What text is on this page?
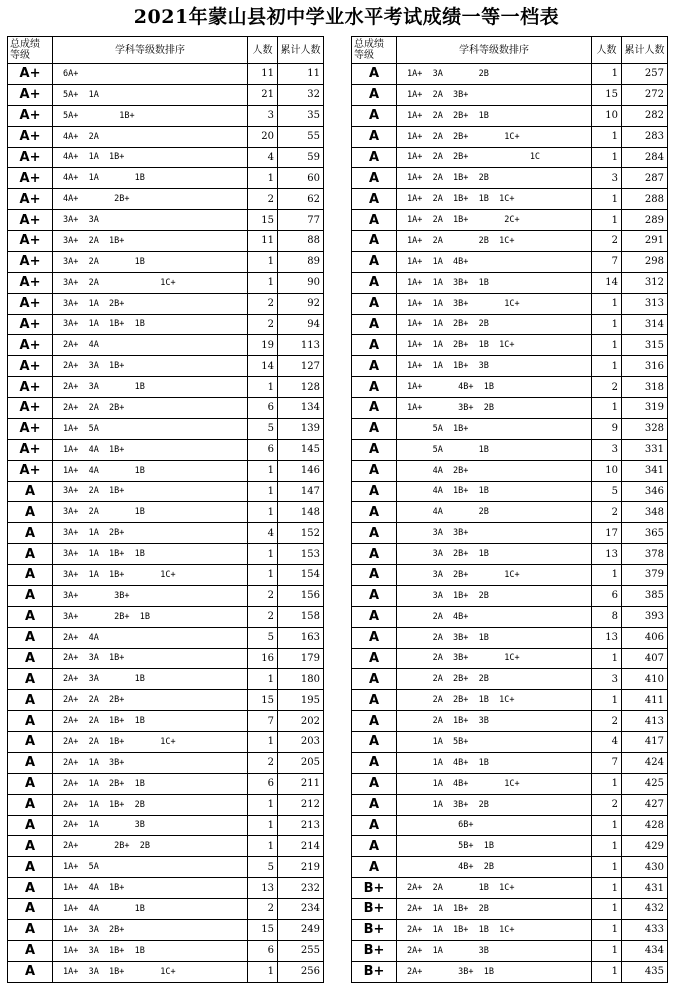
2021年蒙山县初中学业水平考试成绩一等一档表
总成绩
等级	学科等级数排序	人数	累计人数
A+	6A+	11	11
A+	5A+  1A	21	32
A+	5A+        1B+	3	35
A+	4A+  2A	20	55
A+	4A+  1A  1B+	4	59
A+	4A+  1A       1B	1	60
A+	4A+       2B+	2	62
A+	3A+  3A	15	77
A+	3A+  2A  1B+	11	88
A+	3A+  2A       1B	1	89
A+	3A+  2A            1C+	1	90
A+	3A+  1A  2B+	2	92
A+	3A+  1A  1B+  1B	2	94
A+	2A+  4A	19	113
A+	2A+  3A  1B+	14	127
A+	2A+  3A       1B	1	128
A+	2A+  2A  2B+	6	134
A+	1A+  5A	5	139
A+	1A+  4A  1B+	6	145
A+	1A+  4A       1B	1	146
A	3A+  2A  1B+	1	147
A	3A+  2A       1B	1	148
A	3A+  1A  2B+	4	152
A	3A+  1A  1B+  1B	1	153
A	3A+  1A  1B+       1C+	1	154
A	3A+       3B+	2	156
A	3A+       2B+  1B	2	158
A	2A+  4A	5	163
A	2A+  3A  1B+	16	179
A	2A+  3A       1B	1	180
A	2A+  2A  2B+	15	195
A	2A+  2A  1B+  1B	7	202
A	2A+  2A  1B+       1C+	1	203
A	2A+  1A  3B+	2	205
A	2A+  1A  2B+  1B	6	211
A	2A+  1A  1B+  2B	1	212
A	2A+  1A       3B	1	213
A	2A+       2B+  2B	1	214
A	1A+  5A	5	219
A	1A+  4A  1B+	13	232
A	1A+  4A       1B	2	234
A	1A+  3A  2B+	15	249
A	1A+  3A  1B+  1B	6	255
A	1A+  3A  1B+       1C+	1	256
总成绩
等级	学科等级数排序	人数	累计人数
A	1A+  3A       2B	1	257
A	1A+  2A  3B+	15	272
A	1A+  2A  2B+  1B	10	282
A	1A+  2A  2B+       1C+	1	283
A	1A+  2A  2B+            1C	1	284
A	1A+  2A  1B+  2B	3	287
A	1A+  2A  1B+  1B  1C+	1	288
A	1A+  2A  1B+       2C+	1	289
A	1A+  2A       2B  1C+	2	291
A	1A+  1A  4B+	7	298
A	1A+  1A  3B+  1B	14	312
A	1A+  1A  3B+       1C+	1	313
A	1A+  1A  2B+  2B	1	314
A	1A+  1A  2B+  1B  1C+	1	315
A	1A+  1A  1B+  3B	1	316
A	1A+       4B+  1B	2	318
A	1A+       3B+  2B	1	319
A	5A  1B+	9	328
A	5A       1B	3	331
A	4A  2B+	10	341
A	4A  1B+  1B	5	346
A	4A       2B	2	348
A	3A  3B+	17	365
A	3A  2B+  1B	13	378
A	3A  2B+       1C+	1	379
A	3A  1B+  2B	6	385
A	2A  4B+	8	393
A	2A  3B+  1B	13	406
A	2A  3B+       1C+	1	407
A	2A  2B+  2B	3	410
A	2A  2B+  1B  1C+	1	411
A	2A  1B+  3B	2	413
A	1A  5B+	4	417
A	1A  4B+  1B	7	424
A	1A  4B+       1C+	1	425
A	1A  3B+  2B	2	427
A	6B+	1	428
A	5B+  1B	1	429
A	4B+  2B	1	430
B+	2A+  2A       1B  1C+	1	431
B+	2A+  1A  1B+  2B	1	432
B+	2A+  1A  1B+  1B  1C+	1	433
B+	2A+  1A       3B	1	434
B+	2A+       3B+  1B	1	435
